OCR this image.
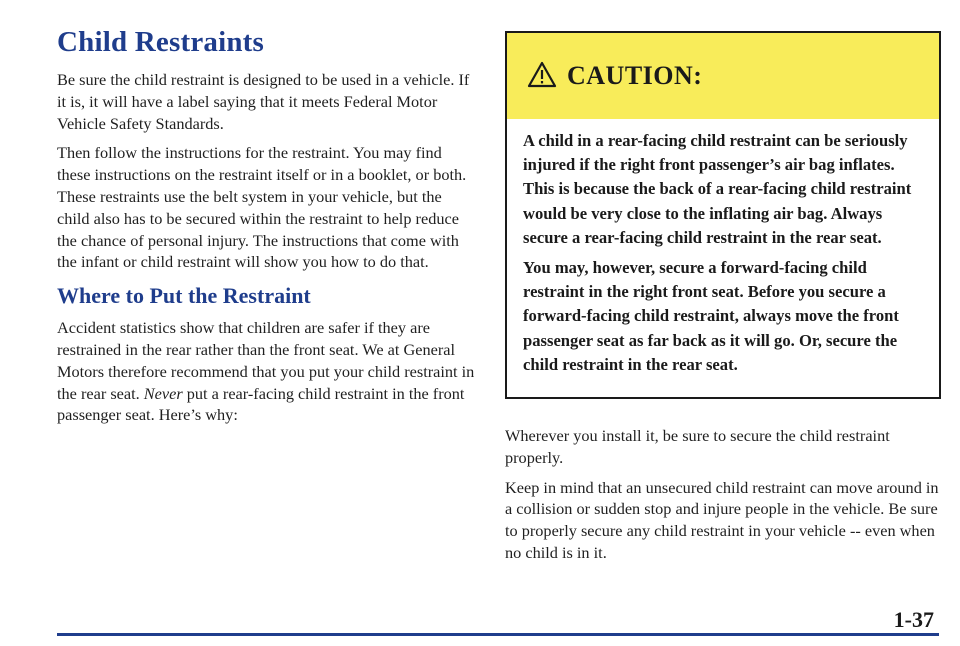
Child Restraints

Be sure the child restraint is designed to be used in a vehicle. If it is, it will have a label saying that it meets Federal Motor Vehicle Safety Standards.

Then follow the instructions for the restraint. You may find these instructions on the restraint itself or in a booklet, or both. These restraints use the belt system in your vehicle, but the child also has to be secured within the restraint to help reduce the chance of personal injury. The instructions that come with the infant or child restraint will show you how to do that.

Where to Put the Restraint

Accident statistics show that children are safer if they are restrained in the rear rather than the front seat. We at General Motors therefore recommend that you put your child restraint in the rear seat. Never put a rear-facing child restraint in the front passenger seat. Here’s why:

CAUTION:

A child in a rear-facing child restraint can be seriously injured if the right front passenger’s air bag inflates. This is because the back of a rear-facing child restraint would be very close to the inflating air bag. Always secure a rear-facing child restraint in the rear seat.

You may, however, secure a forward-facing child restraint in the right front seat. Before you secure a forward-facing child restraint, always move the front passenger seat as far back as it will go. Or, secure the child restraint in the rear seat.

Wherever you install it, be sure to secure the child restraint properly.

Keep in mind that an unsecured child restraint can move around in a collision or sudden stop and injure people in the vehicle. Be sure to properly secure any child restraint in your vehicle -- even when no child is in it.

1-37
